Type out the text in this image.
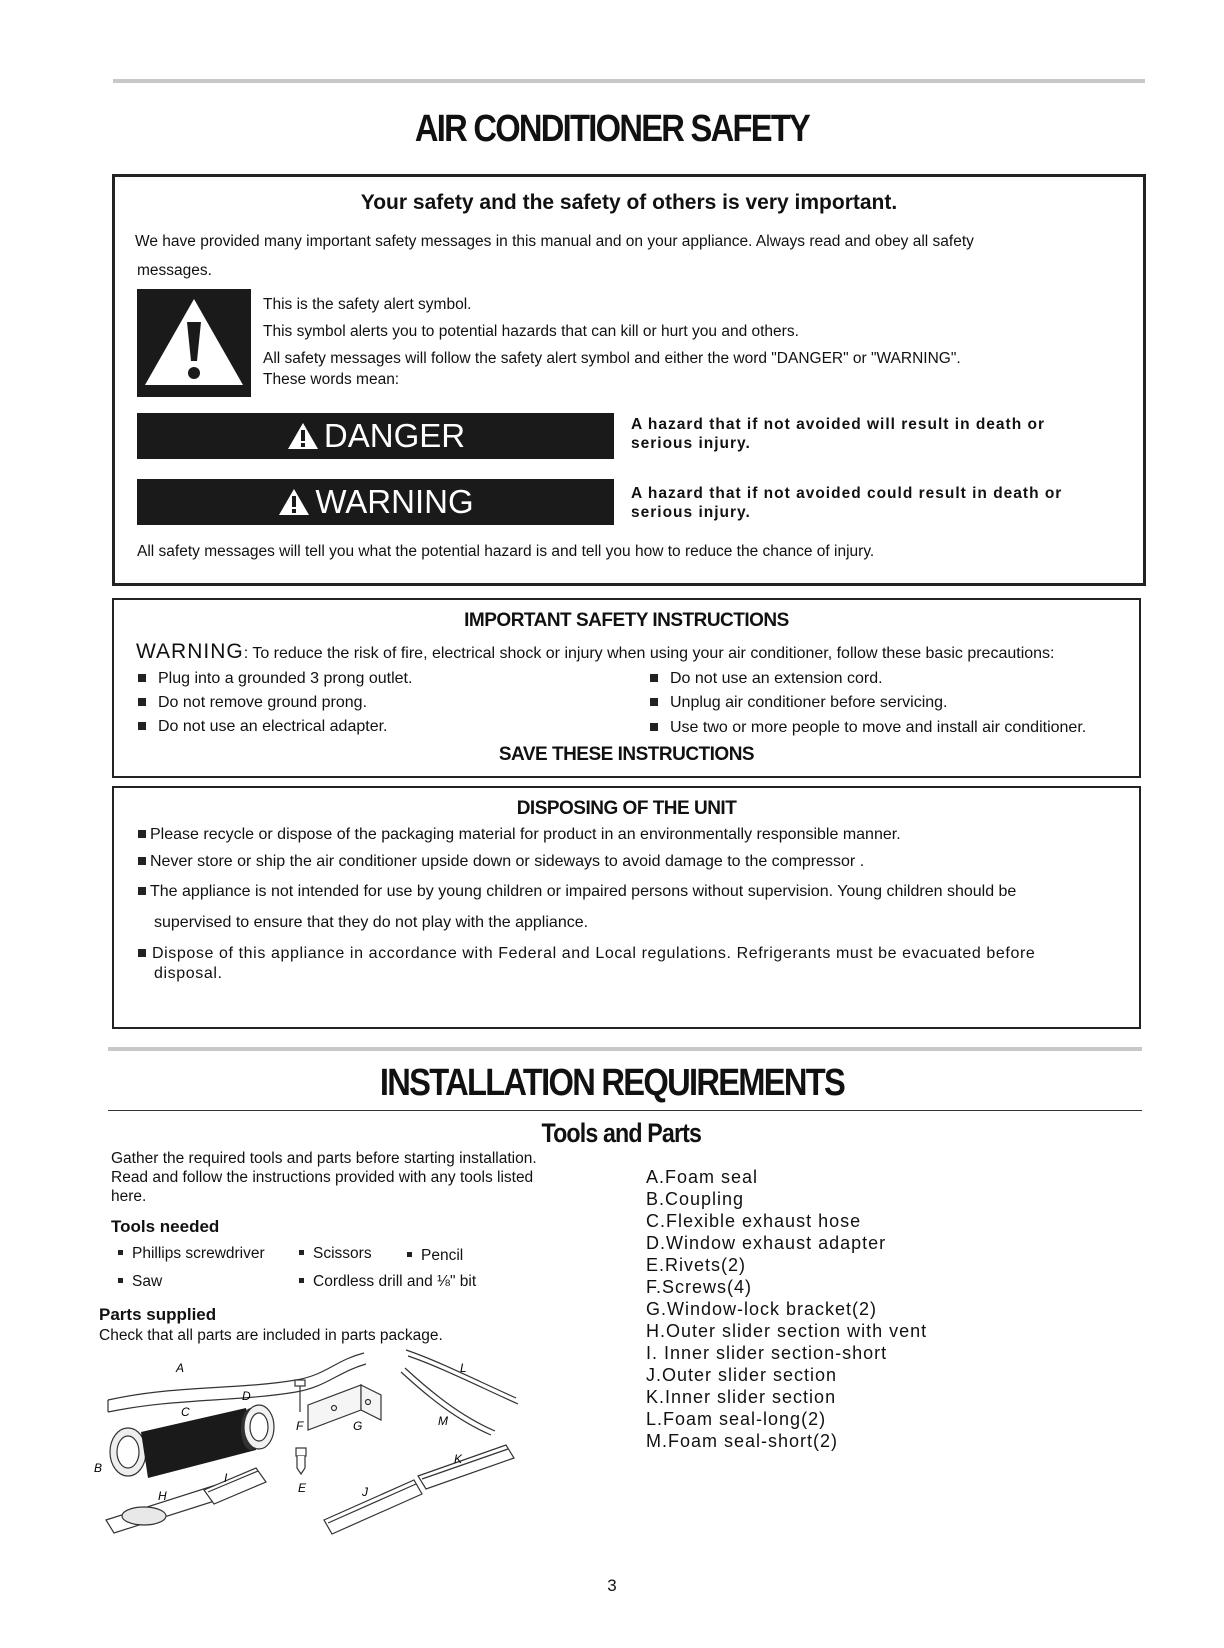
AIR CONDITIONER SAFETY
Your safety and the safety of others is very important.
We have provided many important safety messages in this manual and on your appliance. Always read and obey all safety
messages.
This is the safety alert symbol.
This symbol alerts you to potential hazards that can kill or hurt you and others.
All safety messages will follow the safety alert symbol and either the word "DANGER" or "WARNING".
These words mean:
DANGER	A hazard that if not avoided will result in death or
serious injury.
WARNING	A hazard that if not avoided could result in death or
serious injury.
All safety messages will tell you what the potential hazard is and tell you how to reduce the chance of injury.
IMPORTANT SAFETY INSTRUCTIONS
WARNING: To reduce the risk of fire, electrical shock or injury when using your air conditioner, follow these basic precautions:
Plug into a grounded 3 prong outlet.
Do not remove ground prong.
Do not use an electrical adapter.
Do not use an extension cord.
Unplug air conditioner before servicing.
Use two or more people to move and install air conditioner.
SAVE THESE INSTRUCTIONS
DISPOSING OF THE UNIT
Please recycle or dispose of the packaging material for product in an environmentally responsible manner.
Never store or ship the air conditioner upside down or sideways to avoid damage to the compressor .
The appliance is not intended for use by young children or impaired persons without supervision. Young children should be
supervised to ensure that they do not play with the appliance.
Dispose of this appliance in accordance with Federal and Local regulations. Refrigerants must be evacuated before
disposal.
INSTALLATION REQUIREMENTS
Tools and Parts
Gather the required tools and parts before starting installation.
Read and follow the instructions provided with any tools listed
here.
Tools needed
Phillips screwdriver	Scissors	Pencil
Saw	Cordless drill and ⅛" bit
Parts supplied
Check that all parts are included in parts package.
A
B
C
D
E
F	G
H
I
J
K
L
M
A.Foam seal
B.Coupling
C.Flexible exhaust hose
D.Window exhaust adapter
E.Rivets(2)
F.Screws(4)
G.Window-lock bracket(2)
H.Outer slider section with vent
I. Inner slider section-short
J.Outer slider section
K.Inner slider section
L.Foam seal-long(2)
M.Foam seal-short(2)
3
